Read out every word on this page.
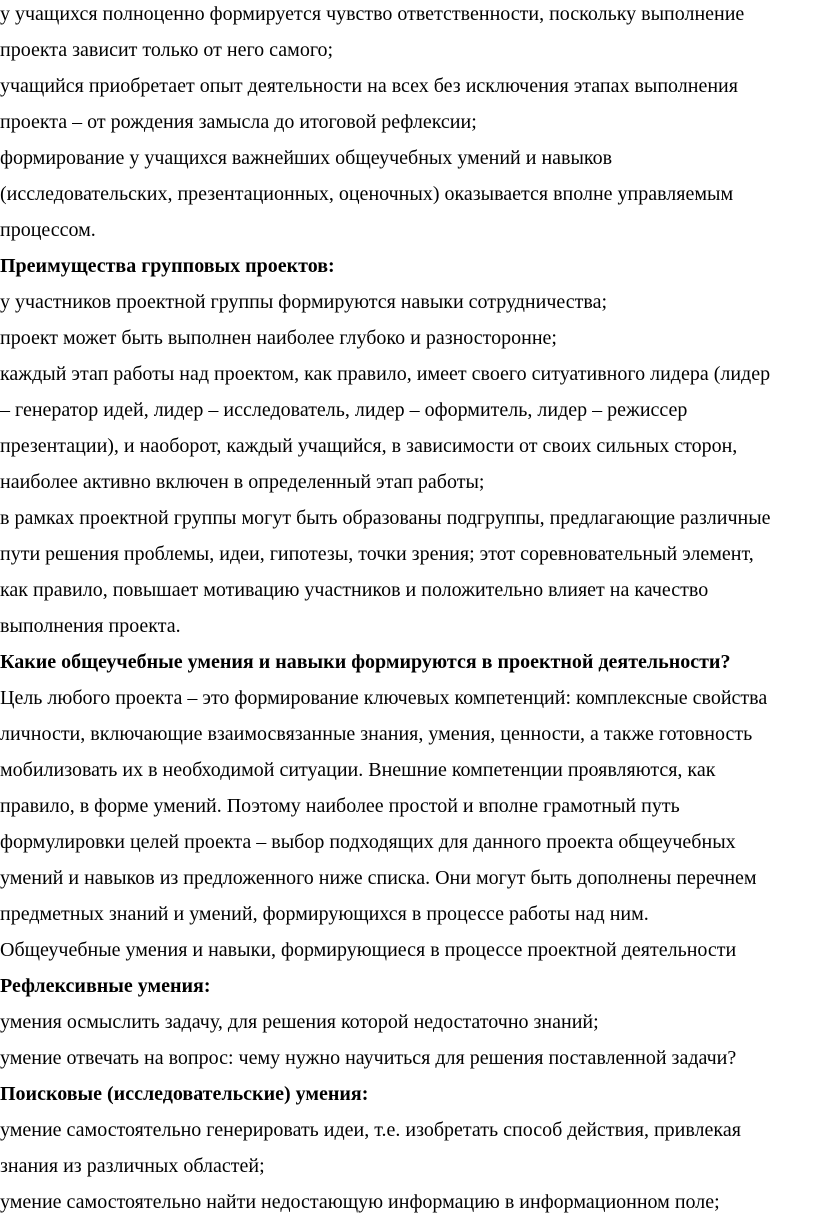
у учащихся полноценно формируется чувство ответственности, поскольку выполнение
проекта зависит только от него самого;
учащийся приобретает опыт деятельности на всех без исключения этапах выполнения
проекта – от рождения замысла до итоговой рефлексии;
формирование у учащихся важнейших общеучебных умений и навыков
(исследовательских, презентационных, оценочных) оказывается вполне управляемым
процессом.
Преимущества групповых проектов:
у участников проектной группы формируются навыки сотрудничества;
проект может быть выполнен наиболее глубоко и разносторонне;
каждый этап работы над проектом, как правило, имеет своего ситуативного лидера (лидер
– генератор идей, лидер – исследователь, лидер – оформитель, лидер – режиссер
презентации), и наоборот, каждый учащийся, в зависимости от своих сильных сторон,
наиболее активно включен в определенный этап работы;
в рамках проектной группы могут быть образованы подгруппы, предлагающие различные
пути решения проблемы, идеи, гипотезы, точки зрения; этот соревновательный элемент,
как правило, повышает мотивацию участников и положительно влияет на качество
выполнения проекта.
Какие общеучебные умения и навыки формируются в проектной деятельности?
Цель любого проекта – это формирование ключевых компетенций: комплексные свойства
личности, включающие взаимосвязанные знания, умения, ценности, а также готовность
мобилизовать их в необходимой ситуации. Внешние компетенции проявляются, как
правило, в форме умений. Поэтому наиболее простой и вполне грамотный путь
формулировки целей проекта – выбор подходящих для данного проекта общеучебных
умений и навыков из предложенного ниже списка. Они могут быть дополнены перечнем
предметных знаний и умений, формирующихся в процессе работы над ним.
Общеучебные умения и навыки, формирующиеся в процессе проектной деятельности
Рефлексивные умения:
умения осмыслить задачу, для решения которой недостаточно знаний;
умение отвечать на вопрос: чему нужно научиться для решения поставленной задачи?
Поисковые (исследовательские) умения:
умение самостоятельно генерировать идеи, т.е. изобретать способ действия, привлекая
знания из различных областей;
умение самостоятельно найти недостающую информацию в информационном поле;
